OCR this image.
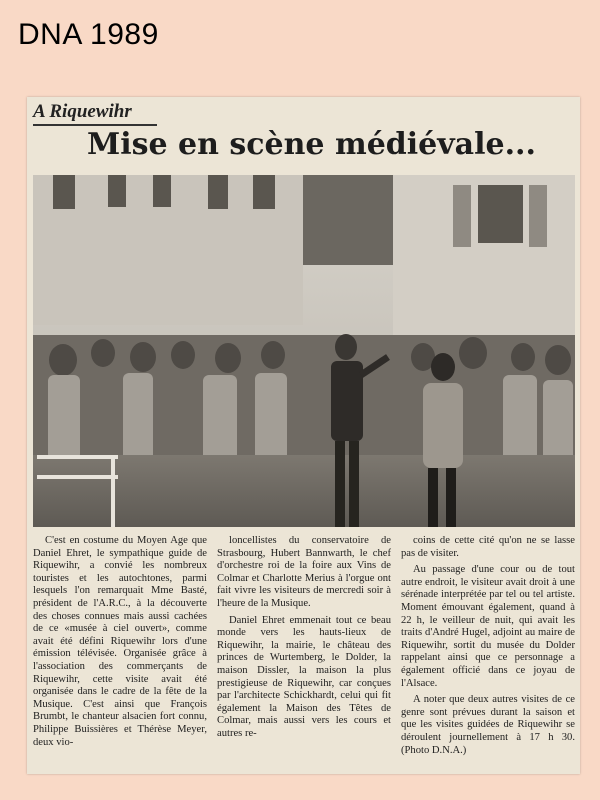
DNA 1989
A Riquewihr
Mise en scène médiévale...

C'est en costume du Moyen Age que Daniel Ehret, le sympathique guide de Riquewihr, a convié les nombreux touristes et les autochtones, parmi lesquels l'on remarquait Mme Basté, président de l'A.R.C., à la découverte des choses connues mais aussi cachées de ce «musée à ciel ouvert», comme avait été défini Riquewihr lors d'une émission télévisée. Organisée grâce à l'association des commerçants de Riquewihr, cette visite avait été organisée dans le cadre de la fête de la Musique. C'est ainsi que François Brumbt, le chanteur alsacien fort connu, Philippe Buissières et Thérèse Meyer, deux vio-

loncellistes du conservatoire de Strasbourg, Hubert Bannwarth, le chef d'orchestre roi de la foire aux Vins de Colmar et Charlotte Merius à l'orgue ont fait vivre les visiteurs de mercredi soir à l'heure de la Musique.

Daniel Ehret emmenait tout ce beau monde vers les hauts-lieux de Riquewihr, la mairie, le château des princes de Wurtemberg, le Dolder, la maison Dissler, la maison la plus prestigieuse de Riquewihr, car conçues par l'architecte Schickhardt, celui qui fit également la Maison des Têtes de Colmar, mais aussi vers les cours et autres re-

coins de cette cité qu'on ne se lasse pas de visiter.

Au passage d'une cour ou de tout autre endroit, le visiteur avait droit à une sérénade interprétée par tel ou tel artiste. Moment émouvant également, quand à 22 h, le veilleur de nuit, qui avait les traits d'André Hugel, adjoint au maire de Riquewihr, sortit du musée du Dolder rappelant ainsi que ce personnage a également officié dans ce joyau de l'Alsace.

A noter que deux autres visites de ce genre sont prévues durant la saison et que les visites guidées de Riquewihr se déroulent journellement à 17 h 30. (Photo D.N.A.)
